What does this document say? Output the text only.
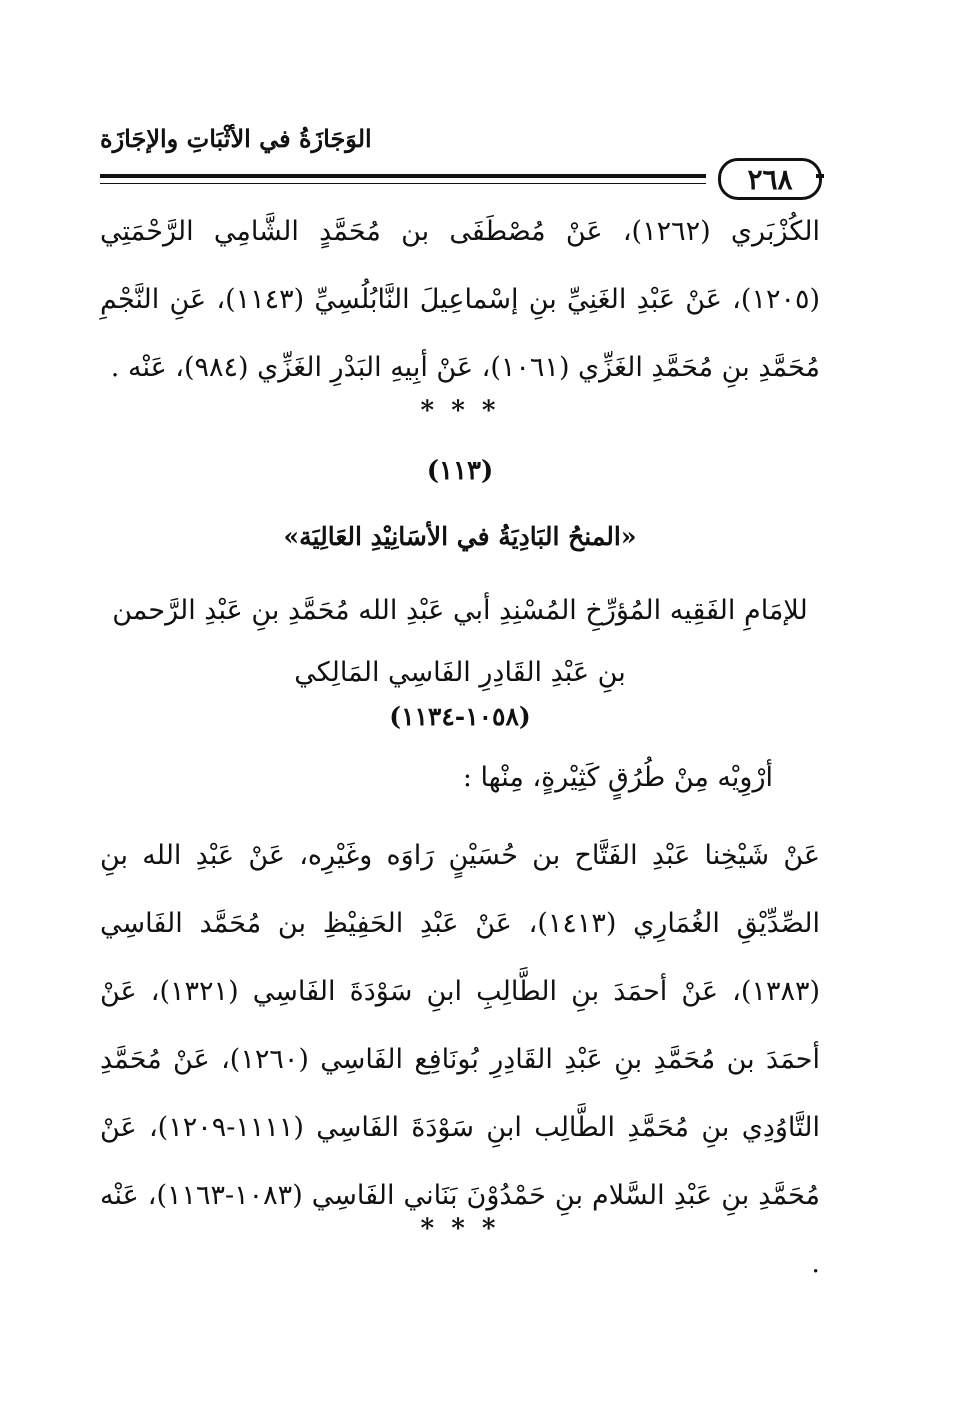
الوَجَازَةُ في الأثْبَاتِ والإجَازَة
٢٦٨
الكُزْبَري (١٢٦٢)، عَنْ مُصْطَفَى بن مُحَمَّدٍ الشَّامِي الرَّحْمَتِي (١٢٠٥)، عَنْ عَبْدِ الغَنِيِّ بنِ إسْماعِيلَ النَّابُلُسِيِّ (١١٤٣)، عَنِ النَّجْمِ مُحَمَّدِ بنِ مُحَمَّدِ الغَزِّي (١٠٦١)، عَنْ أبِيهِ البَدْرِ الغَزِّي (٩٨٤)، عَنْه .
* * *
(١١٣)
«المنحُ البَادِيَةُ في الأسَانِيْدِ العَالِيَة»
للإمَامِ الفَقِيه المُؤرِّخِ المُسْنِدِ أبي عَبْدِ الله مُحَمَّدِ بنِ عَبْدِ الرَّحمن بنِ عَبْدِ القَادِرِ الفَاسِي المَالِكي
(١٠٥٨-١١٣٤)
أرْوِيْه مِنْ طُرُقٍ كَثِيْرةٍ، مِنْها :
عَنْ شَيْخِنا عَبْدِ الفَتَّاح بن حُسَيْنٍ رَاوَه وغَيْرِه، عَنْ عَبْدِ الله بنِ الصِّدِّيْقِ الغُمَارِي (١٤١٣)، عَنْ عَبْدِ الحَفِيْظِ بن مُحَمَّد الفَاسِي (١٣٨٣)، عَنْ أحمَدَ بنِ الطَّالِبِ ابنِ سَوْدَةَ الفَاسِي (١٣٢١)، عَنْ أحمَدَ بن مُحَمَّدِ بنِ عَبْدِ القَادِرِ بُونَافِع الفَاسِي (١٢٦٠)، عَنْ مُحَمَّدِ التَّاوُدِي بنِ مُحَمَّدِ الطَّالِب ابنِ سَوْدَةَ الفَاسِي (١١١١-١٢٠٩)، عَنْ مُحَمَّدِ بنِ عَبْدِ السَّلام بنِ حَمْدُوْنَ بَنَاني الفَاسِي (١٠٨٣-١١٦٣)، عَنْه .
* * *
